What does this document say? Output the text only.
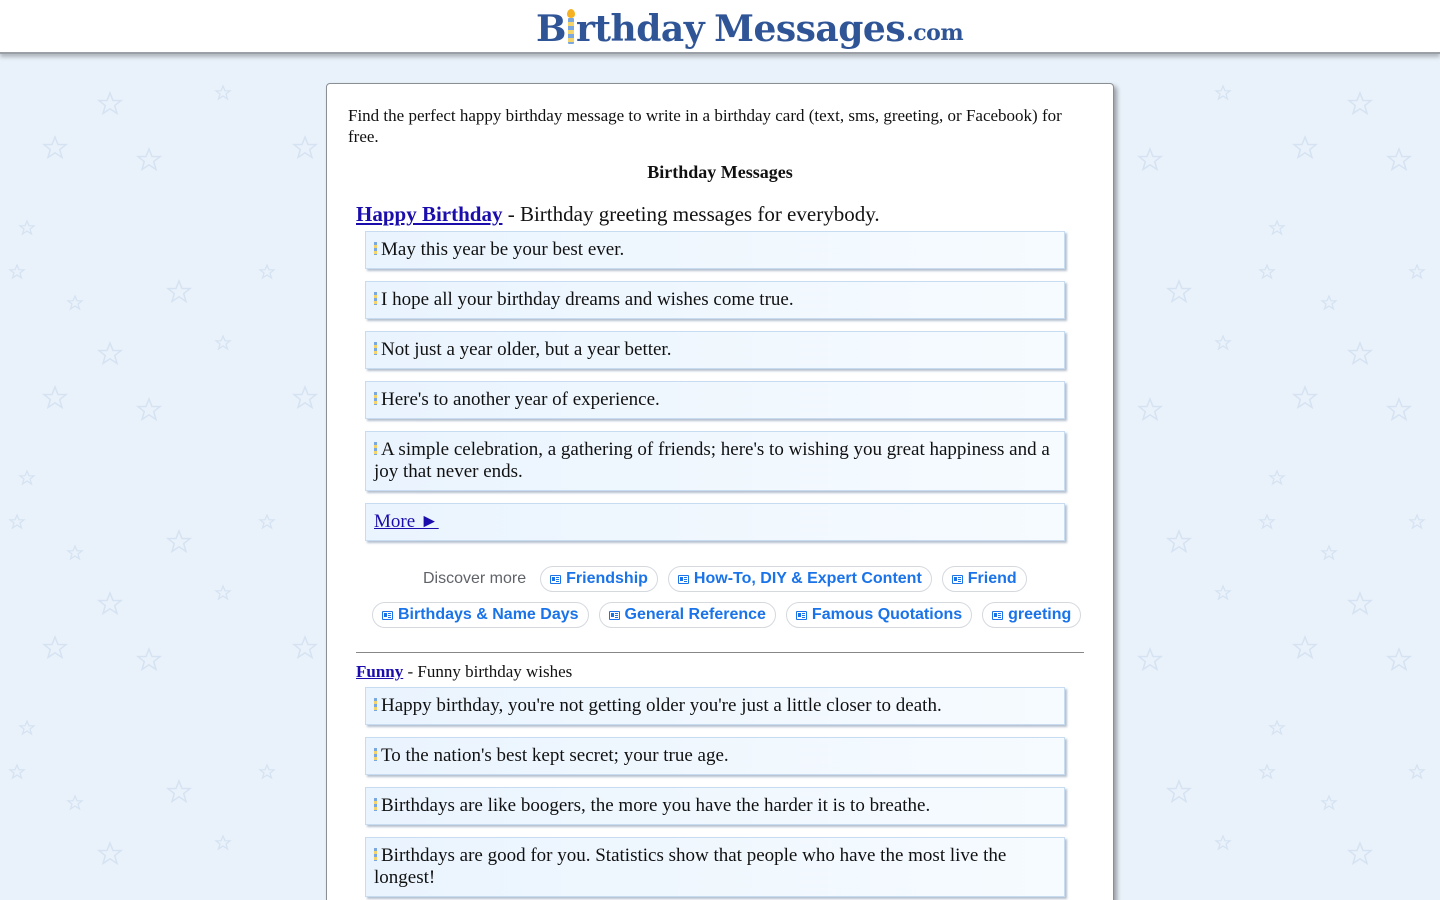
B rthday Messages .com

Find the perfect happy birthday message to write in a birthday card (text, sms, greeting, or Facebook) for free.

Birthday Messages
Happy Birthday - Birthday greeting messages for everybody.
May this year be your best ever.
I hope all your birthday dreams and wishes come true.
Not just a year older, but a year better.
Here's to another year of experience.
A simple celebration, a gathering of friends; here's to wishing you great happiness and a joy that never ends.
More ►
Discover more	Friendship	How-To, DIY & Expert Content	Friend
Birthdays & Name Days	General Reference	Famous Quotations	greeting
Funny - Funny birthday wishes
Happy birthday, you're not getting older you're just a little closer to death.
To the nation's best kept secret; your true age.
Birthdays are like boogers, the more you have the harder it is to breathe.
Birthdays are good for you. Statistics show that people who have the most live the longest!
